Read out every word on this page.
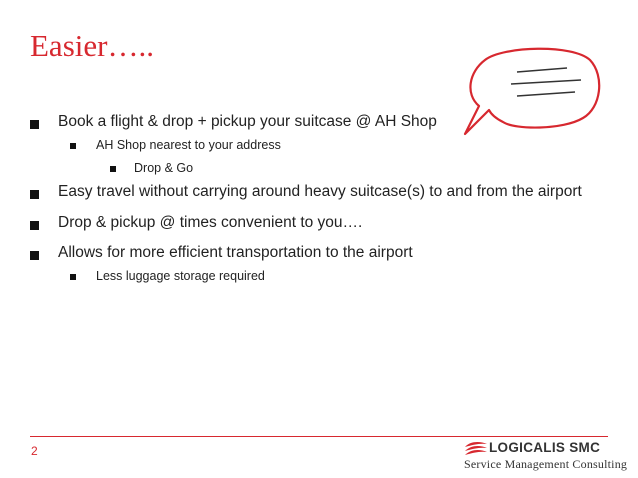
Easier…..
Book a flight & drop + pickup your suitcase @ AH Shop
AH Shop nearest to your address
Drop & Go
Easy travel without carrying around heavy suitcase(s) to and from the airport
Drop & pickup @ times convenient to you….
Allows for more efficient transportation to the airport
Less luggage storage required
2	LOGICALIS SMC
Service Management Consulting
